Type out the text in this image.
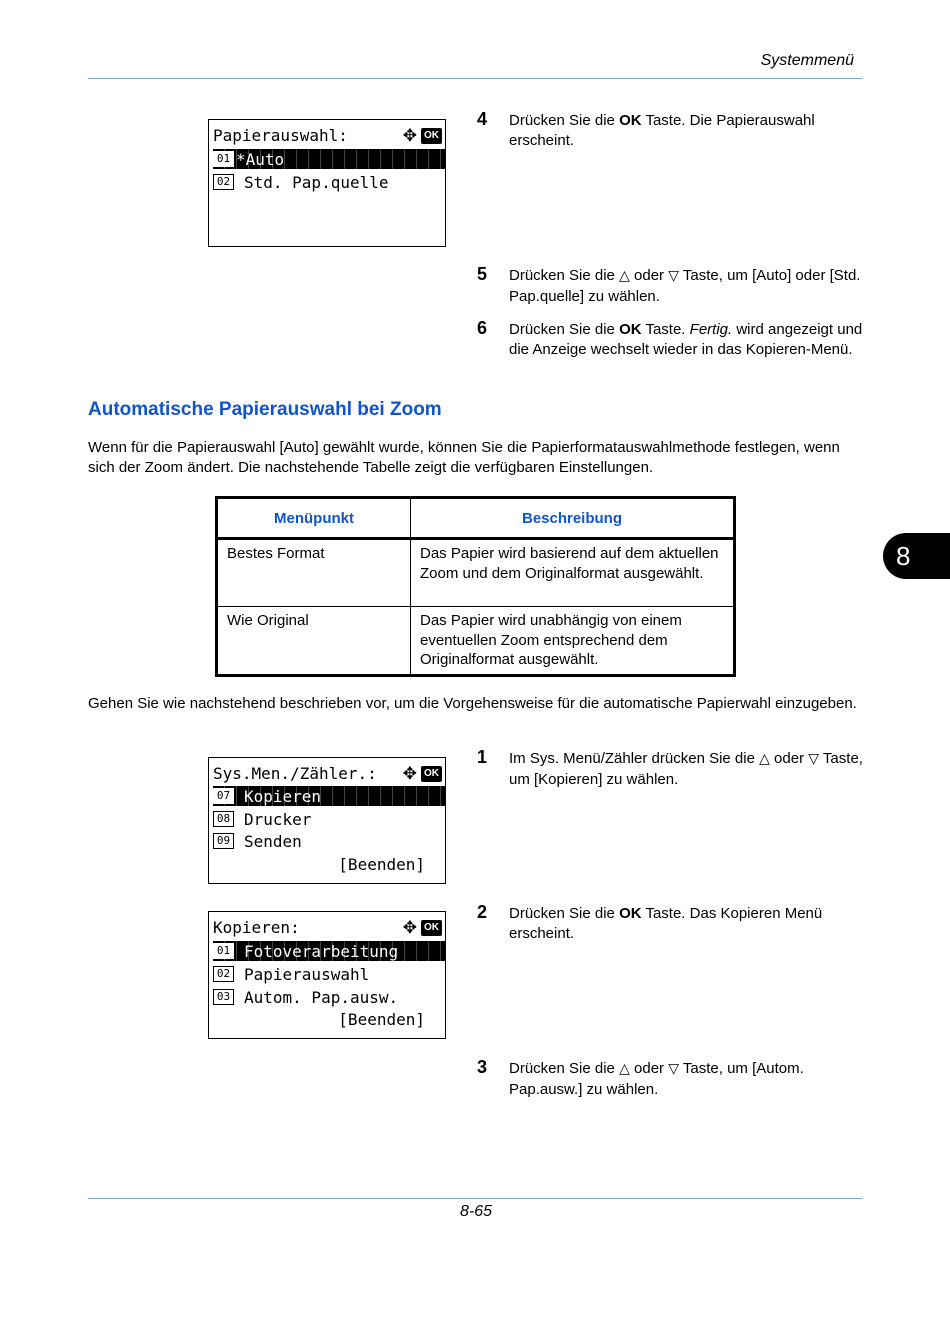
Systemmenü
8
Papierauswahl:	✥ OK
01 *Auto
02 Std. Pap.quelle
4 Drücken Sie die OK Taste. Die Papierauswahl erscheint.
5 Drücken Sie die △ oder ▽ Taste, um [Auto] oder [Std. Pap.quelle] zu wählen.
6 Drücken Sie die OK Taste. Fertig. wird angezeigt und die Anzeige wechselt wieder in das Kopieren-Menü.
Automatische Papierauswahl bei Zoom
Wenn für die Papierauswahl [Auto] gewählt wurde, können Sie die Papierformatauswahlmethode festlegen, wenn sich der Zoom ändert. Die nachstehende Tabelle zeigt die verfügbaren Einstellungen.
Menüpunkt	Beschreibung
Bestes Format	Das Papier wird basierend auf dem aktuellen Zoom und dem Originalformat ausgewählt.
Wie Original	Das Papier wird unabhängig von einem eventuellen Zoom entsprechend dem Originalformat ausgewählt.
Gehen Sie wie nachstehend beschrieben vor, um die Vorgehensweise für die automatische Papierwahl einzugeben.
Sys.Men./Zähler.: ✥ OK
07 Kopieren
08 Drucker
09 Senden
[Beenden]
Kopieren:	✥ OK
01 Fotoverarbeitung
02 Papierauswahl
03 Autom. Pap.ausw.
[Beenden]
1 Im Sys. Menü/Zähler drücken Sie die △ oder ▽ Taste, um [Kopieren] zu wählen.
2 Drücken Sie die OK Taste. Das Kopieren Menü erscheint.
3 Drücken Sie die △ oder ▽ Taste, um [Autom. Pap.ausw.] zu wählen.
8-65
